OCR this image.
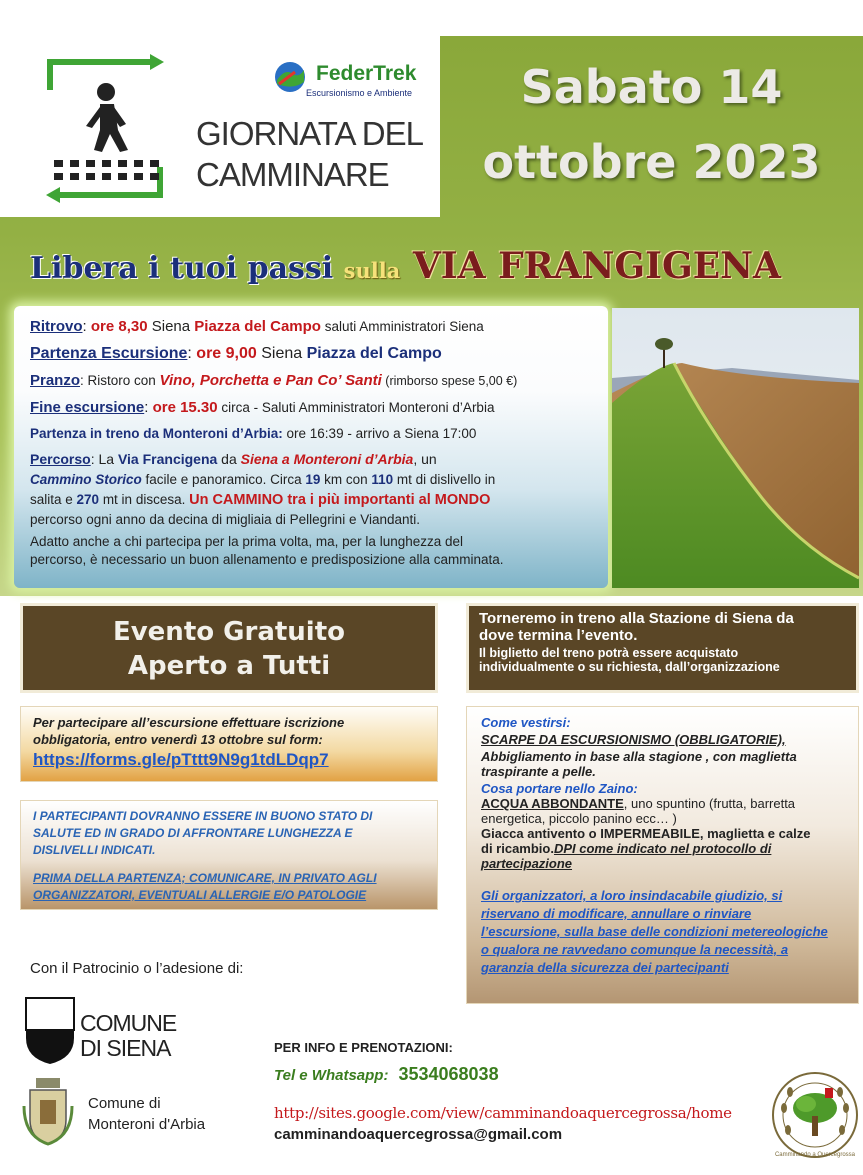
FederTrek
Escursionismo e Ambiente
GIORNATA DEL
CAMMINARE
Sabato 14
ottobre 2023
Libera i tuoi passi sulla VIA FRANGIGENA
Ritrovo: ore 8,30 Siena Piazza del Campo saluti Amministratori Siena
Partenza Escursione: ore 9,00 Siena Piazza del Campo
Pranzo: Ristoro con Vino, Porchetta e Pan Co’ Santi (rimborso spese 5,00 €)
Fine escursione: ore 15.30 circa - Saluti Amministratori Monteroni d’Arbia
Partenza in treno da Monteroni d’Arbia: ore 16:39 - arrivo a Siena 17:00
Percorso: La Via Francigena da Siena a Monteroni d’Arbia, un
Cammino Storico facile e panoramico. Circa 19 km con 110 mt di dislivello in
salita e 270 mt in discesa. Un CAMMINO tra i più importanti al MONDO
percorso ogni anno da decina di migliaia di Pellegrini e Viandanti.
Adatto anche a chi partecipa per la prima volta, ma, per la lunghezza del
percorso, è necessario un buon allenamento e predisposizione alla camminata.
Evento Gratuito
Aperto a Tutti
Torneremo in treno alla Stazione di Siena da
dove termina l’evento.
Il biglietto del treno potrà essere acquistato
individualmente o su richiesta, dall’organizzazione
Per partecipare all’escursione effettuare iscrizione
obbligatoria, entro venerdì 13 ottobre sul form:
https://forms.gle/pTttt9N9g1tdLDqp7
I PARTECIPANTI DOVRANNO ESSERE IN BUONO STATO DI
SALUTE ED IN GRADO DI AFFRONTARE LUNGHEZZA E
DISLIVELLI INDICATI.
PRIMA DELLA PARTENZA; COMUNICARE, IN PRIVATO AGLI
ORGANIZZATORI, EVENTUALI ALLERGIE E/O PATOLOGIE
Come vestirsi:
SCARPE DA ESCURSIONISMO (OBBLIGATORIE),
Abbigliamento in base alla stagione , con maglietta
traspirante a pelle.
Cosa portare nello Zaino:
ACQUA ABBONDANTE, uno spuntino (frutta, barretta
energetica, piccolo panino ecc… )
Giacca antivento o IMPERMEABILE, maglietta e calze
di ricambio.DPI come indicato nel protocollo di
partecipazione
Gli organizzatori, a loro insindacabile giudizio, si
riservano di modificare, annullare o rinviare
l’escursione, sulla base delle condizioni metereologiche
o qualora ne ravvedano comunque la necessità, a
garanzia della sicurezza dei partecipanti
Con il Patrocinio o l’adesione di:
COMUNE
DI SIENA
Comune di
Monteroni d'Arbia
PER INFO E PRENOTAZIONI:
Tel e Whatsapp: 3534068038
http://sites.google.com/view/camminandoaquercegrossa/home
camminandoaquercegrossa@gmail.com
Camminando a Quercegrossa
